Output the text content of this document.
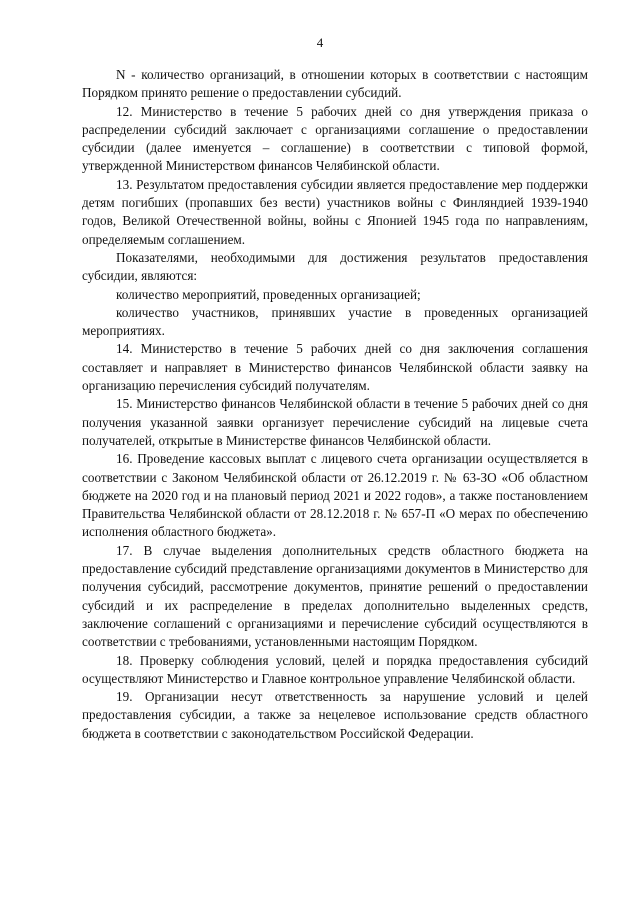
4

N - количество организаций, в отношении которых в соответствии с настоящим Порядком принято решение о предоставлении субсидий.

12. Министерство в течение 5 рабочих дней со дня утверждения приказа о распределении субсидий заключает с организациями соглашение о предоставлении субсидии (далее именуется – соглашение) в соответствии с типовой формой, утвержденной Министерством финансов Челябинской области.

13. Результатом предоставления субсидии является предоставление мер поддержки детям погибших (пропавших без вести) участников войны с Финляндией 1939-1940 годов, Великой Отечественной войны, войны с Японией 1945 года по направлениям, определяемым соглашением.

Показателями, необходимыми для достижения результатов предоставления субсидии, являются:

количество мероприятий, проведенных организацией;

количество участников, принявших участие в проведенных организацией мероприятиях.

14. Министерство в течение 5 рабочих дней со дня заключения соглашения составляет и направляет в Министерство финансов Челябинской области заявку на организацию перечисления субсидий получателям.

15. Министерство финансов Челябинской области в течение 5 рабочих дней со дня получения указанной заявки организует перечисление субсидий на лицевые счета получателей, открытые в Министерстве финансов Челябинской области.

16. Проведение кассовых выплат с лицевого счета организации осуществляется в соответствии с Законом Челябинской области от 26.12.2019 г. № 63-ЗО «Об областном бюджете на 2020 год и на плановый период 2021 и 2022 годов», а также постановлением Правительства Челябинской области от 28.12.2018 г. № 657-П «О мерах по обеспечению исполнения областного бюджета».

17. В случае выделения дополнительных средств областного бюджета на предоставление субсидий представление организациями документов в Министерство для получения субсидий, рассмотрение документов, принятие решений о предоставлении субсидий и их распределение в пределах дополнительно выделенных средств, заключение соглашений с организациями и перечисление субсидий осуществляются в соответствии с требованиями, установленными настоящим Порядком.

18. Проверку соблюдения условий, целей и порядка предоставления субсидий осуществляют Министерство и Главное контрольное управление Челябинской области.

19. Организации несут ответственность за нарушение условий и целей предоставления субсидии, а также за нецелевое использование средств областного бюджета в соответствии с законодательством Российской Федерации.
